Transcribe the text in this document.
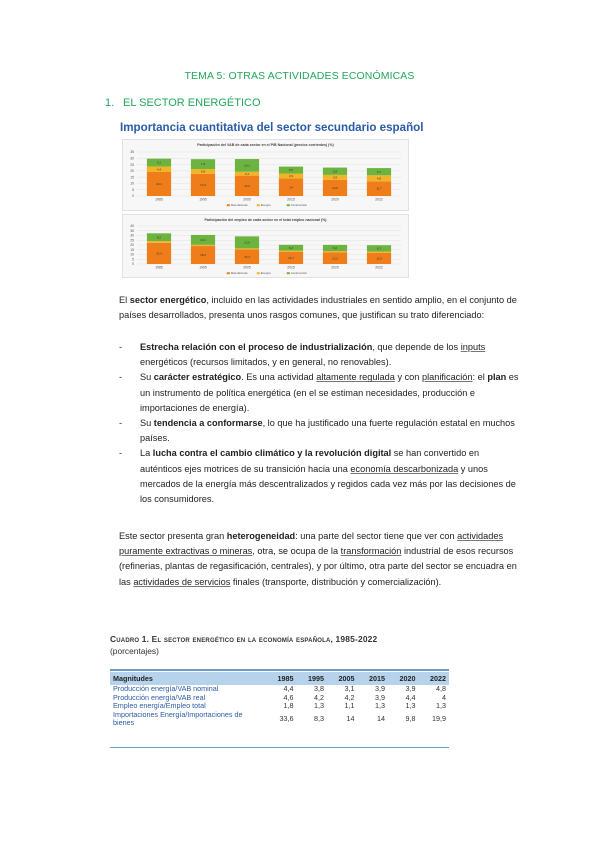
TEMA 5: OTRAS ACTIVIDADES ECONÓMICAS
1. EL SECTOR ENERGÉTICO
Importancia cuantitativa del sector secundario español
Participación del VAB de cada sector en el PIB Nacional (precios corrientes) (%)
0
5
10
15
20
25
30
35
19,1
4,4
6,2
1985
17,6
3,8
7,9
1995
16,2
3,1
10,1
2005
14
3,9
5,5
2015
12,9
3,9
5,8
2020
11,7
4,8
5,7
2022
Manufacturas	Energía	Construcción
Participación del empleo de cada sector en el total empleo nacional (%)
0
5
10
15
20
25
30
35
40
22,3
8,2
1985
18,9
10,4
1995
15,4
12,6
2005
12,7
6,2
2015
12,2
6,6
2020
11,8
6,7
2022
Manufacturas	Energía	Construcción
El sector energético, incluido en las actividades industriales en sentido amplio, en el conjunto de países desarrollados, presenta unos rasgos comunes, que justifican su trato diferenciado:
- Estrecha relación con el proceso de industrialización, que depende de los inputs energéticos (recursos limitados, y en general, no renovables).
- Su carácter estratégico. Es una actividad altamente regulada y con planificación: el plan es un instrumento de política energética (en el se estiman necesidades, producción e importaciones de energía).
- Su tendencia a conformarse, lo que ha justificado una fuerte regulación estatal en muchos países.
- La lucha contra el cambio climático y la revolución digital se han convertido en auténticos ejes motrices de su transición hacia una economía descarbonizada y unos mercados de la energía más descentralizados y regidos cada vez más por las decisiones de los consumidores.
Este sector presenta gran heterogeneidad: una parte del sector tiene que ver con actividades puramente extractivas o mineras, otra, se ocupa de la transformación industrial de esos recursos (refinerias, plantas de regasificación, centrales), y por último, otra parte del sector se encuadra en las actividades de servicios finales (transporte, distribución y comercialización).
Cuadro 1. El sector energético en la economía española, 1985-2022
(porcentajes)
Magnitudes	1985	1995	2005	2015	2020	2022
Producción energía/VAB nominal	4,4	3,8	3,1	3,9	3,9	4,8
Producción energía/VAB real	4,6	4,2	4,2	3,9	4,4	4
Empleo energía/Empleo total	1,8	1,3	1,1	1,3	1,3	1,3
Importaciones Energía/Importaciones de bienes	33,6	8,3	14	14	9,8	19,9
